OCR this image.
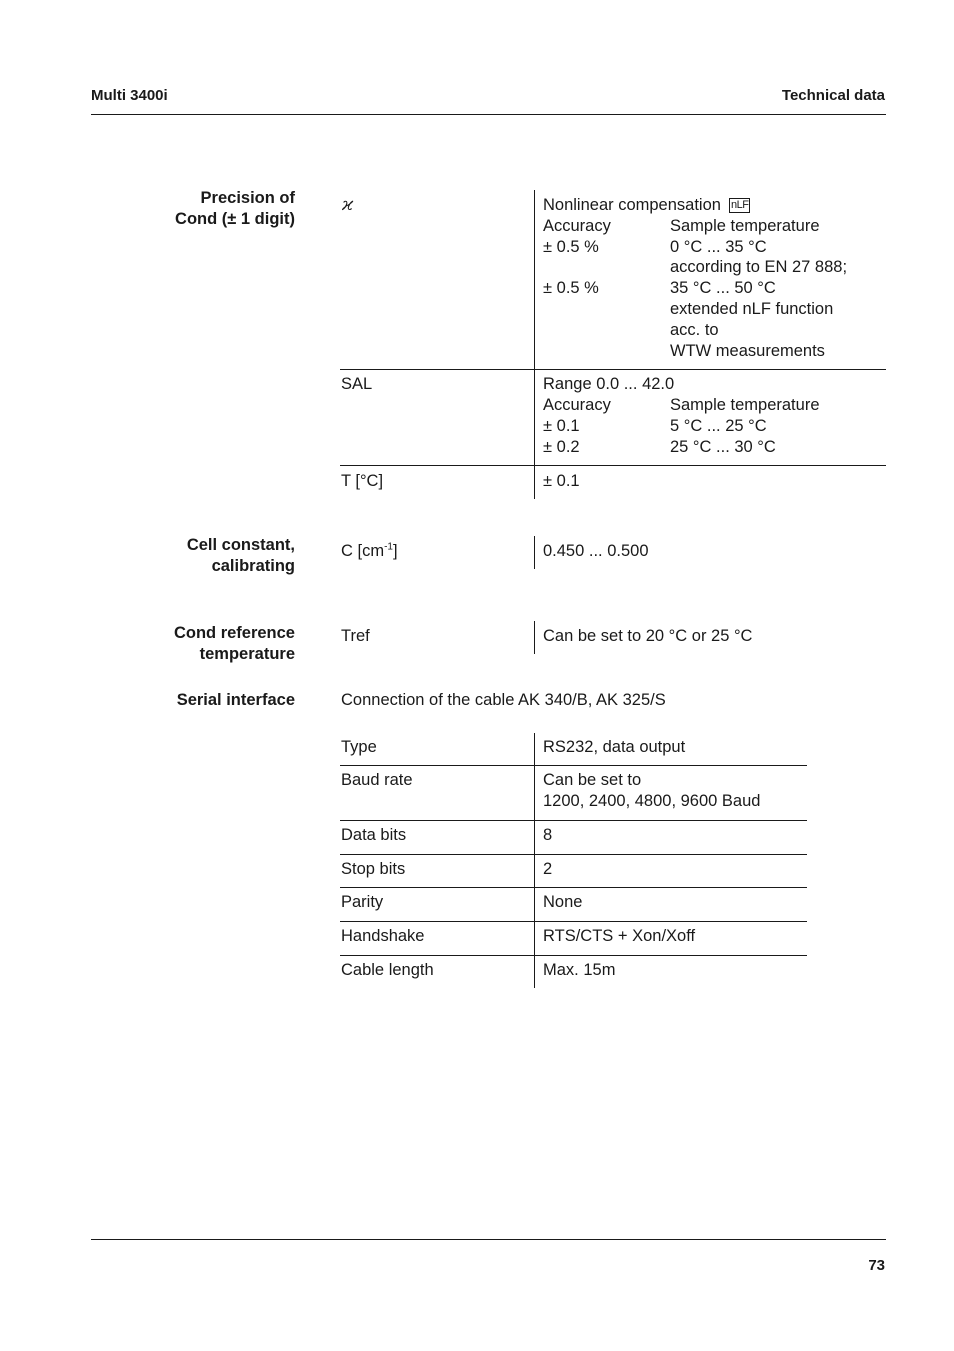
Multi 3400i	Technical data
Precision of
Cond (± 1 digit)
ϰ	Nonlinear compensation nLF
Accuracy	Sample temperature
± 0.5 %	0 °C ... 35 °C
according to EN 27 888;
± 0.5 %	35 °C ... 50 °C
extended nLF function
acc. to
WTW measurements
SAL	Range 0.0 ... 42.0
Accuracy	Sample temperature
± 0.1	5 °C ... 25 °C
± 0.2	25 °C ... 30 °C
T [°C]	± 0.1
Cell constant,
calibrating
C $[cm^{-1}]$	0.450 ... 0.500
Cond reference
temperature
Tref	Can be set to 20 °C or 25 °C
Serial interface	Connection of the cable AK 340/B, AK 325/S
Type	RS232, data output
Baud rate	Can be set to
1200, 2400, 4800, 9600 Baud
Data bits	8
Stop bits	2
Parity	None
Handshake	RTS/CTS + Xon/Xoff
Cable length	Max. 15m
73
